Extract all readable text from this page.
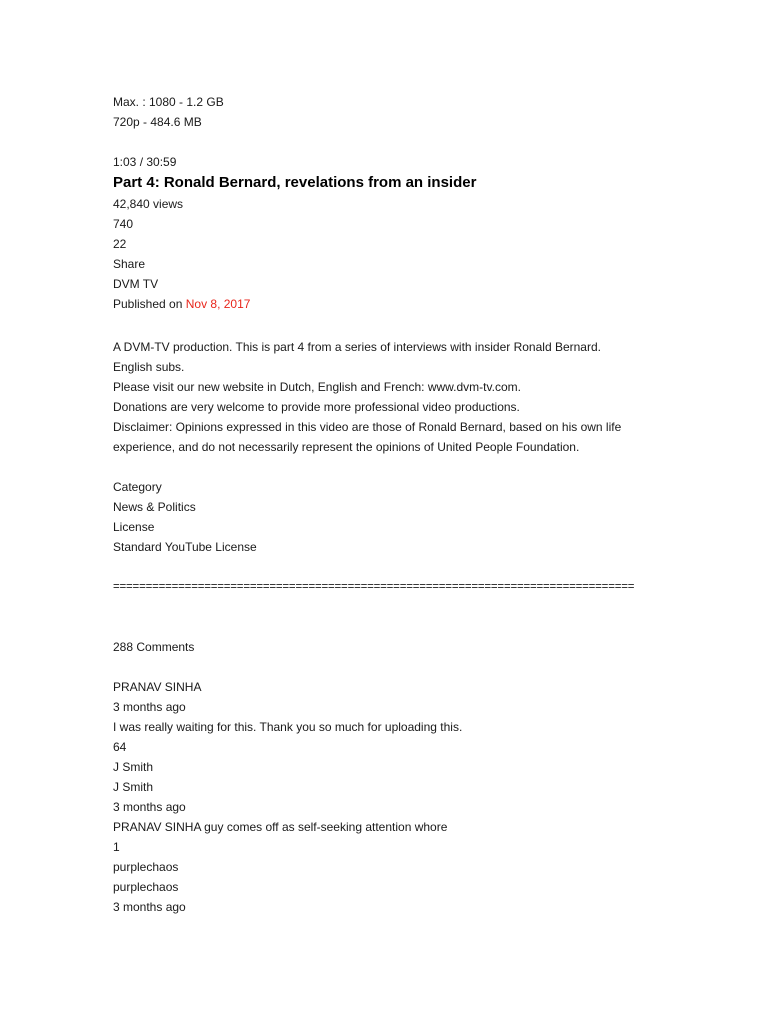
Max. : 1080 - 1.2 GB
720p - 484.6 MB
1:03 / 30:59
Part 4: Ronald Bernard, revelations from an insider
42,840 views
740
22
Share
DVM TV
Published on Nov 8, 2017
A DVM-TV production. This is part 4 from a series of interviews with insider Ronald Bernard.
English subs.
Please visit our new website in Dutch, English and French: www.dvm-tv.com.
Donations are very welcome to provide more professional video productions.
Disclaimer: Opinions expressed in this video are those of Ronald Bernard, based on his own life
experience, and do not necessarily represent the opinions of United People Foundation.
Category
News & Politics
License
Standard YouTube License
================================================================================
288 Comments
PRANAV SINHA
3 months ago
I was really waiting for this. Thank you so much for uploading this.
64
J Smith
J Smith
3 months ago
PRANAV SINHA guy comes off as self-seeking attention whore
1
purplechaos
purplechaos
3 months ago
